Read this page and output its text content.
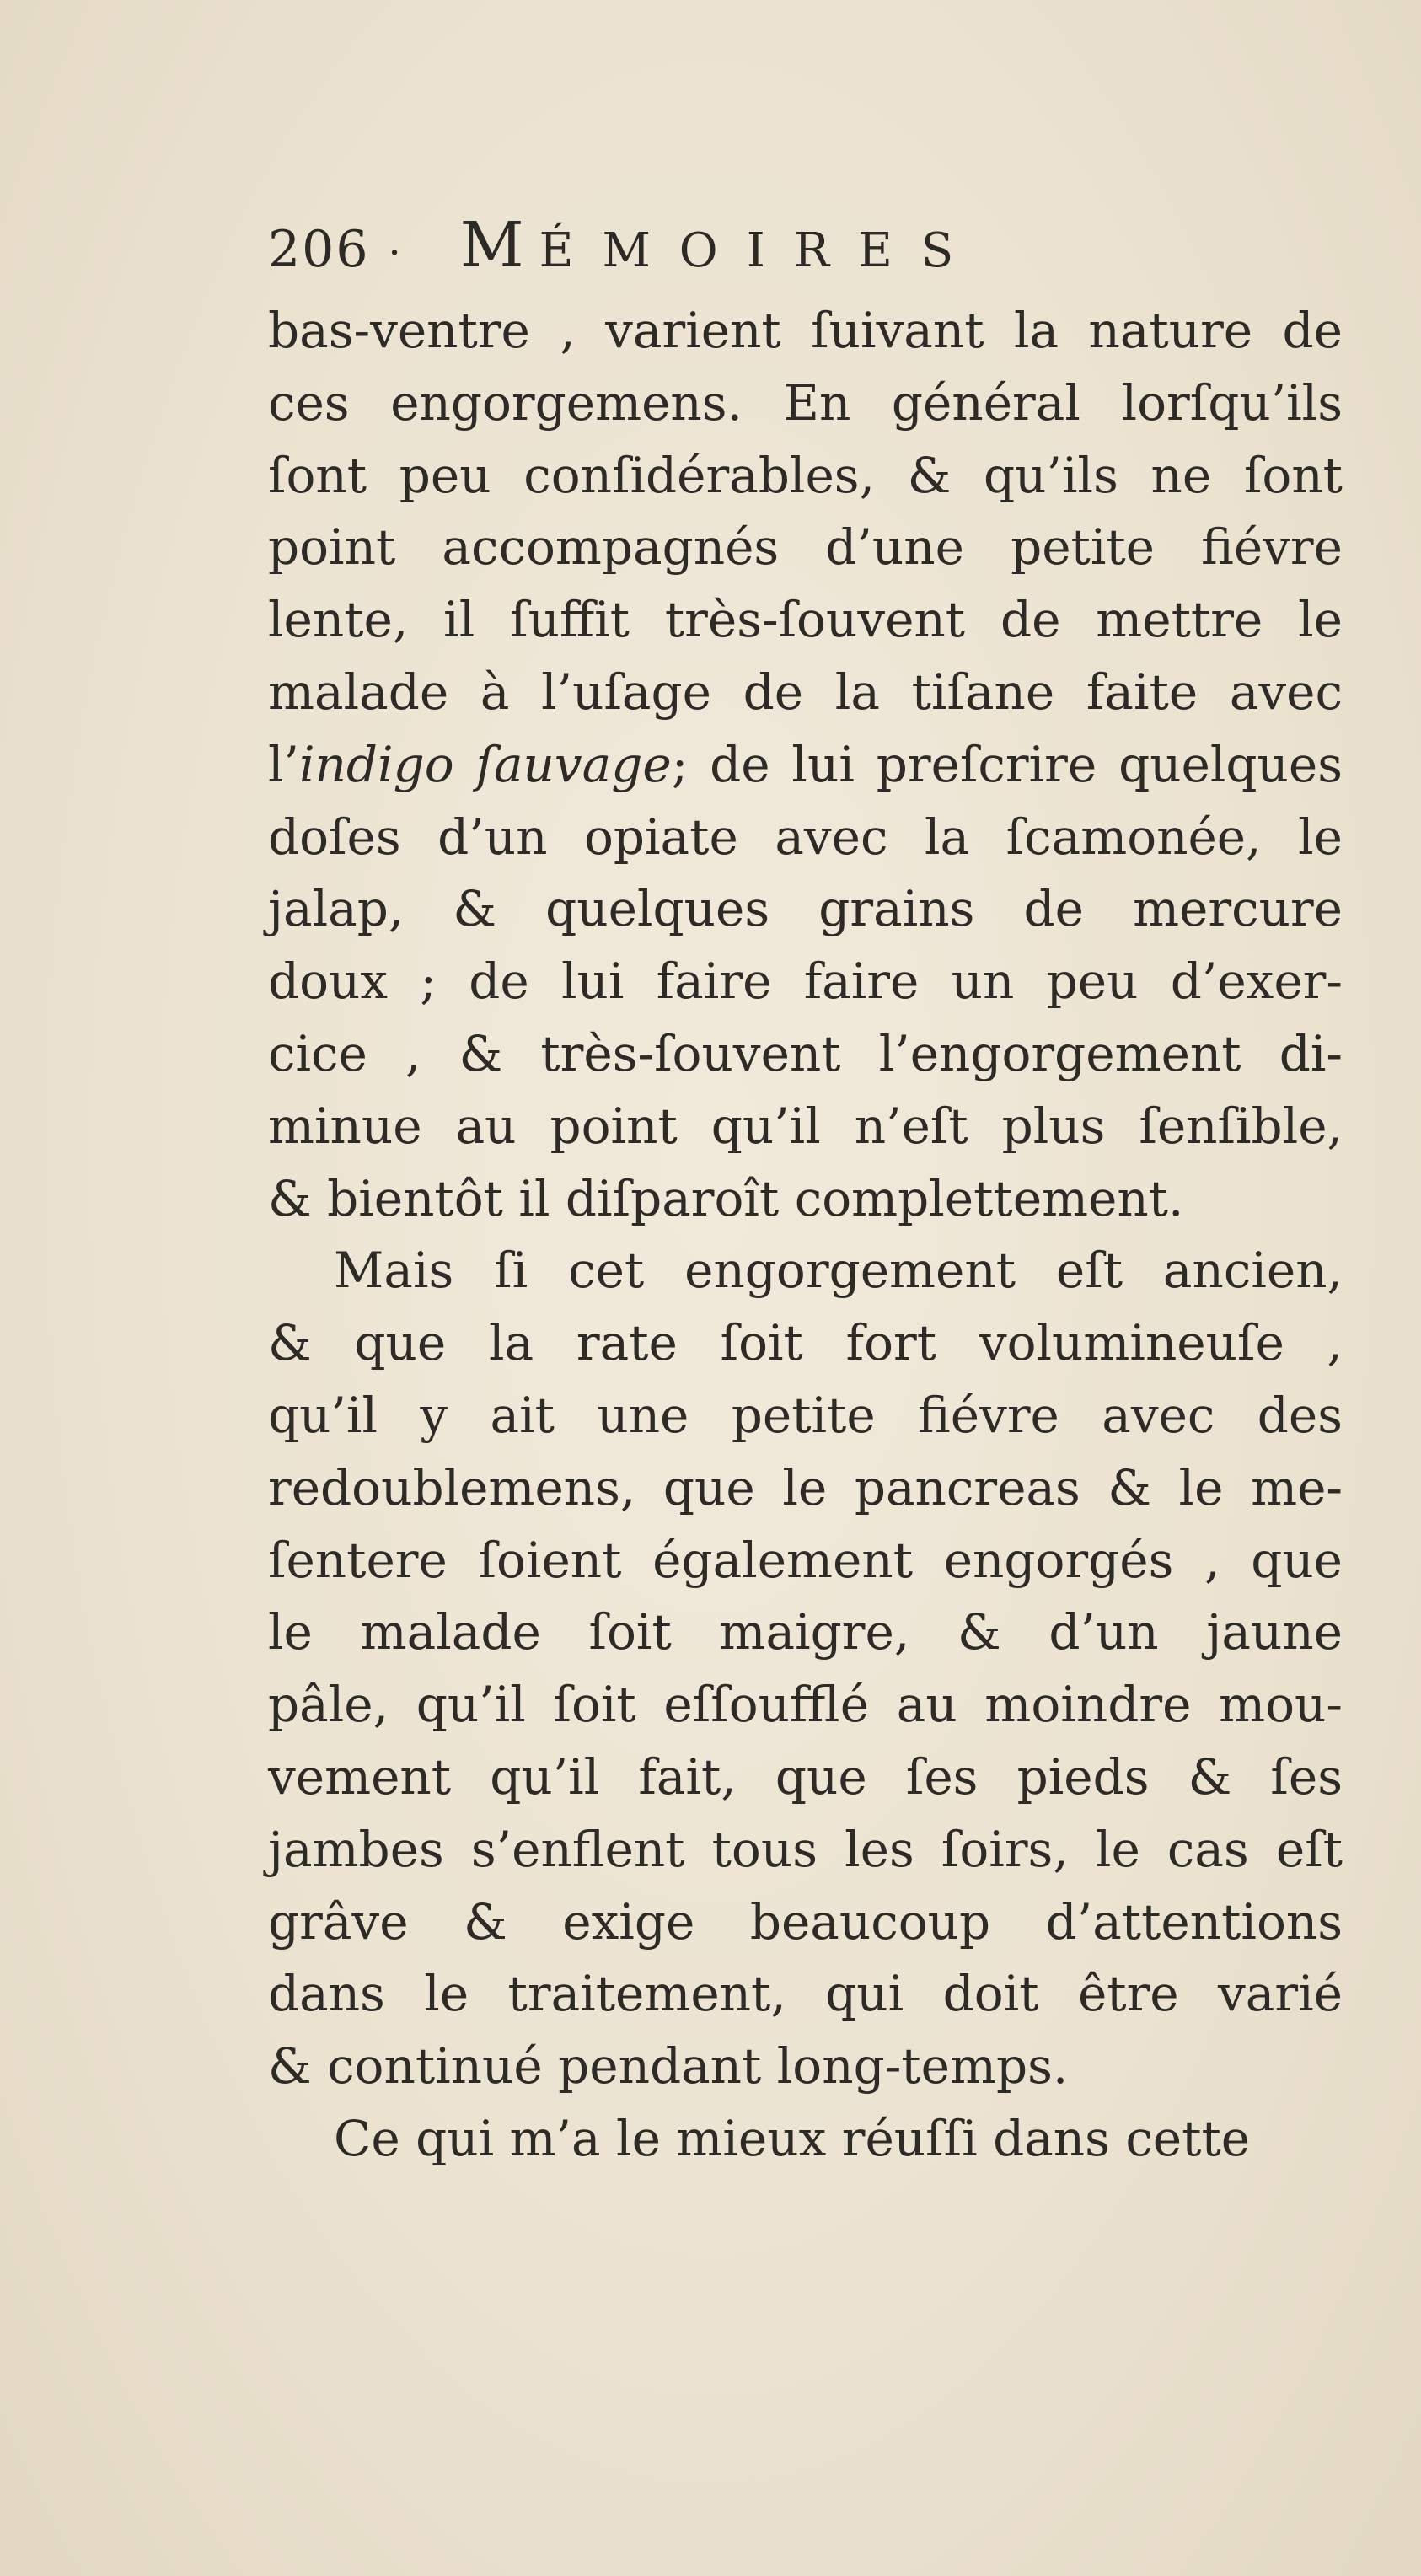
206 · MÉMOIRES
bas-ventre , varient ſuivant la nature de
ces engorgemens. En général lorſqu’ils
ſont peu conſidérables, & qu’ils ne ſont
point accompagnés d’une petite fiévre
lente, il ſuffit très-ſouvent de mettre le
malade à l’uſage de la tiſane faite avec
l’indigo ſauvage; de lui preſcrire quelques
doſes d’un opiate avec la ſcamonée, le
jalap, & quelques grains de mercure
doux ; de lui faire faire un peu d’exer-
cice , & très-ſouvent l’engorgement di-
minue au point qu’il n’eſt plus ſenſible,
& bientôt il diſparoît complettement.
Mais ſi cet engorgement eſt ancien,
& que la rate ſoit fort volumineuſe ,
qu’il y ait une petite fiévre avec des
redoublemens, que le pancreas & le me-
ſentere ſoient également engorgés , que
le malade ſoit maigre, & d’un jaune
pâle, qu’il ſoit eſſoufflé au moindre mou-
vement qu’il fait, que ſes pieds & ſes
jambes s’enflent tous les ſoirs, le cas eſt
grâve & exige beaucoup d’attentions
dans le traitement, qui doit être varié
& continué pendant long-temps.
Ce qui m’a le mieux réuſſi dans cette
